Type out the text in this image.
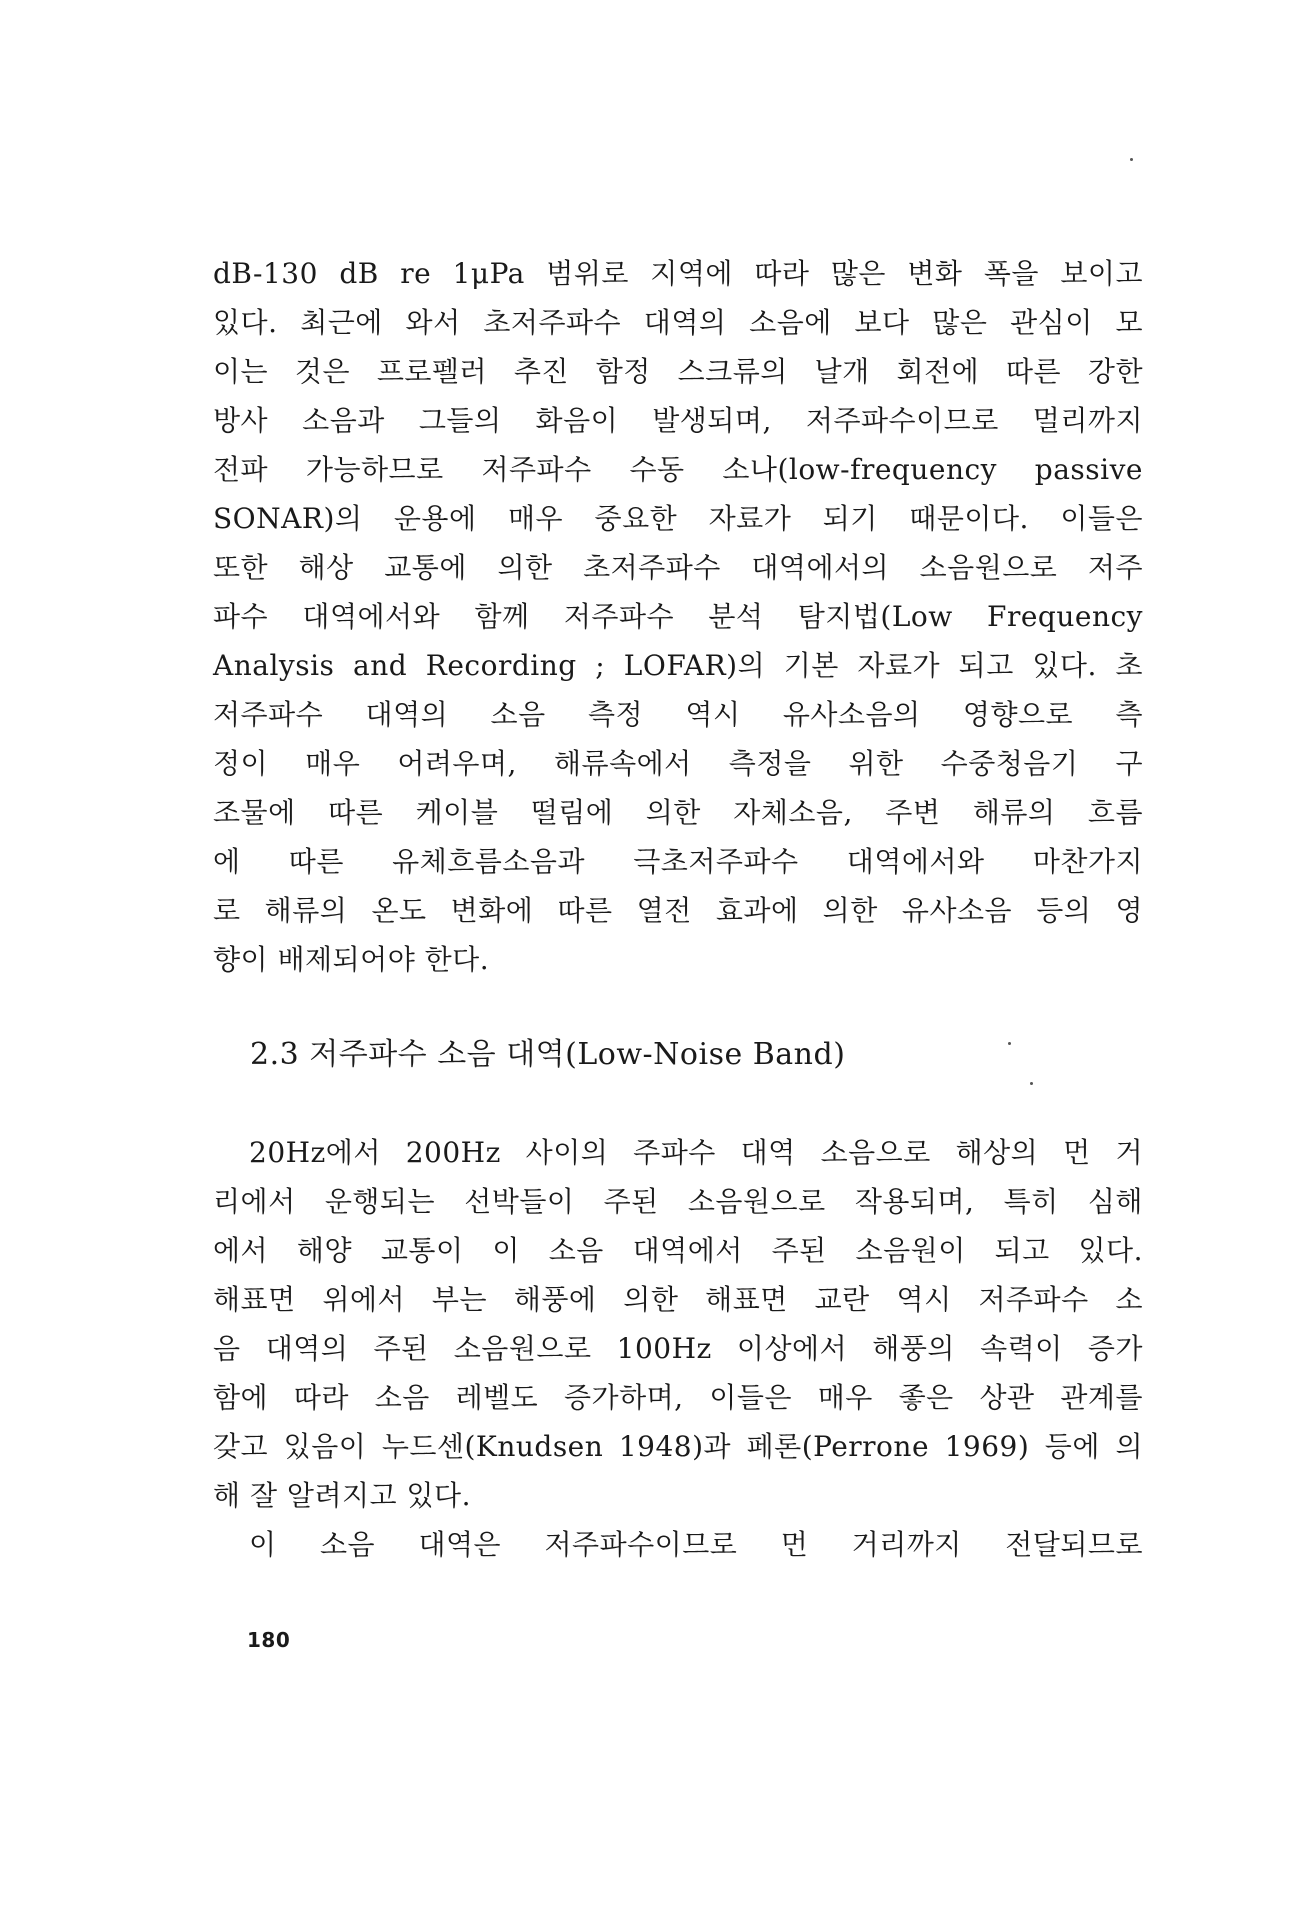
dB-130 dB re 1μPa 범위로 지역에 따라 많은 변화 폭을 보이고
있다. 최근에 와서 초저주파수 대역의 소음에 보다 많은 관심이 모
이는 것은 프로펠러 추진 함정 스크류의 날개 회전에 따른 강한
방사 소음과 그들의 화음이 발생되며, 저주파수이므로 멀리까지
전파 가능하므로 저주파수 수동 소나(low-frequency passive
SONAR)의 운용에 매우 중요한 자료가 되기 때문이다. 이들은
또한 해상 교통에 의한 초저주파수 대역에서의 소음원으로 저주
파수 대역에서와 함께 저주파수 분석 탐지법(Low Frequency
Analysis and Recording ; LOFAR)의 기본 자료가 되고 있다. 초
저주파수 대역의 소음 측정 역시 유사소음의 영향으로 측
정이 매우 어려우며, 해류속에서 측정을 위한 수중청음기 구
조물에 따른 케이블 떨림에 의한 자체소음, 주변 해류의 흐름
에 따른 유체흐름소음과 극초저주파수 대역에서와 마찬가지
로 해류의 온도 변화에 따른 열전 효과에 의한 유사소음 등의 영
향이 배제되어야 한다.
2.3 저주파수 소음 대역(Low-Noise Band)
20Hz에서 200Hz 사이의 주파수 대역 소음으로 해상의 먼 거
리에서 운행되는 선박들이 주된 소음원으로 작용되며, 특히 심해
에서 해양 교통이 이 소음 대역에서 주된 소음원이 되고 있다.
해표면 위에서 부는 해풍에 의한 해표면 교란 역시 저주파수 소
음 대역의 주된 소음원으로 100Hz 이상에서 해풍의 속력이 증가
함에 따라 소음 레벨도 증가하며, 이들은 매우 좋은 상관 관계를
갖고 있음이 누드센(Knudsen 1948)과 페론(Perrone 1969) 등에 의
해 잘 알려지고 있다.
이 소음 대역은 저주파수이므로 먼 거리까지 전달되므로
180
